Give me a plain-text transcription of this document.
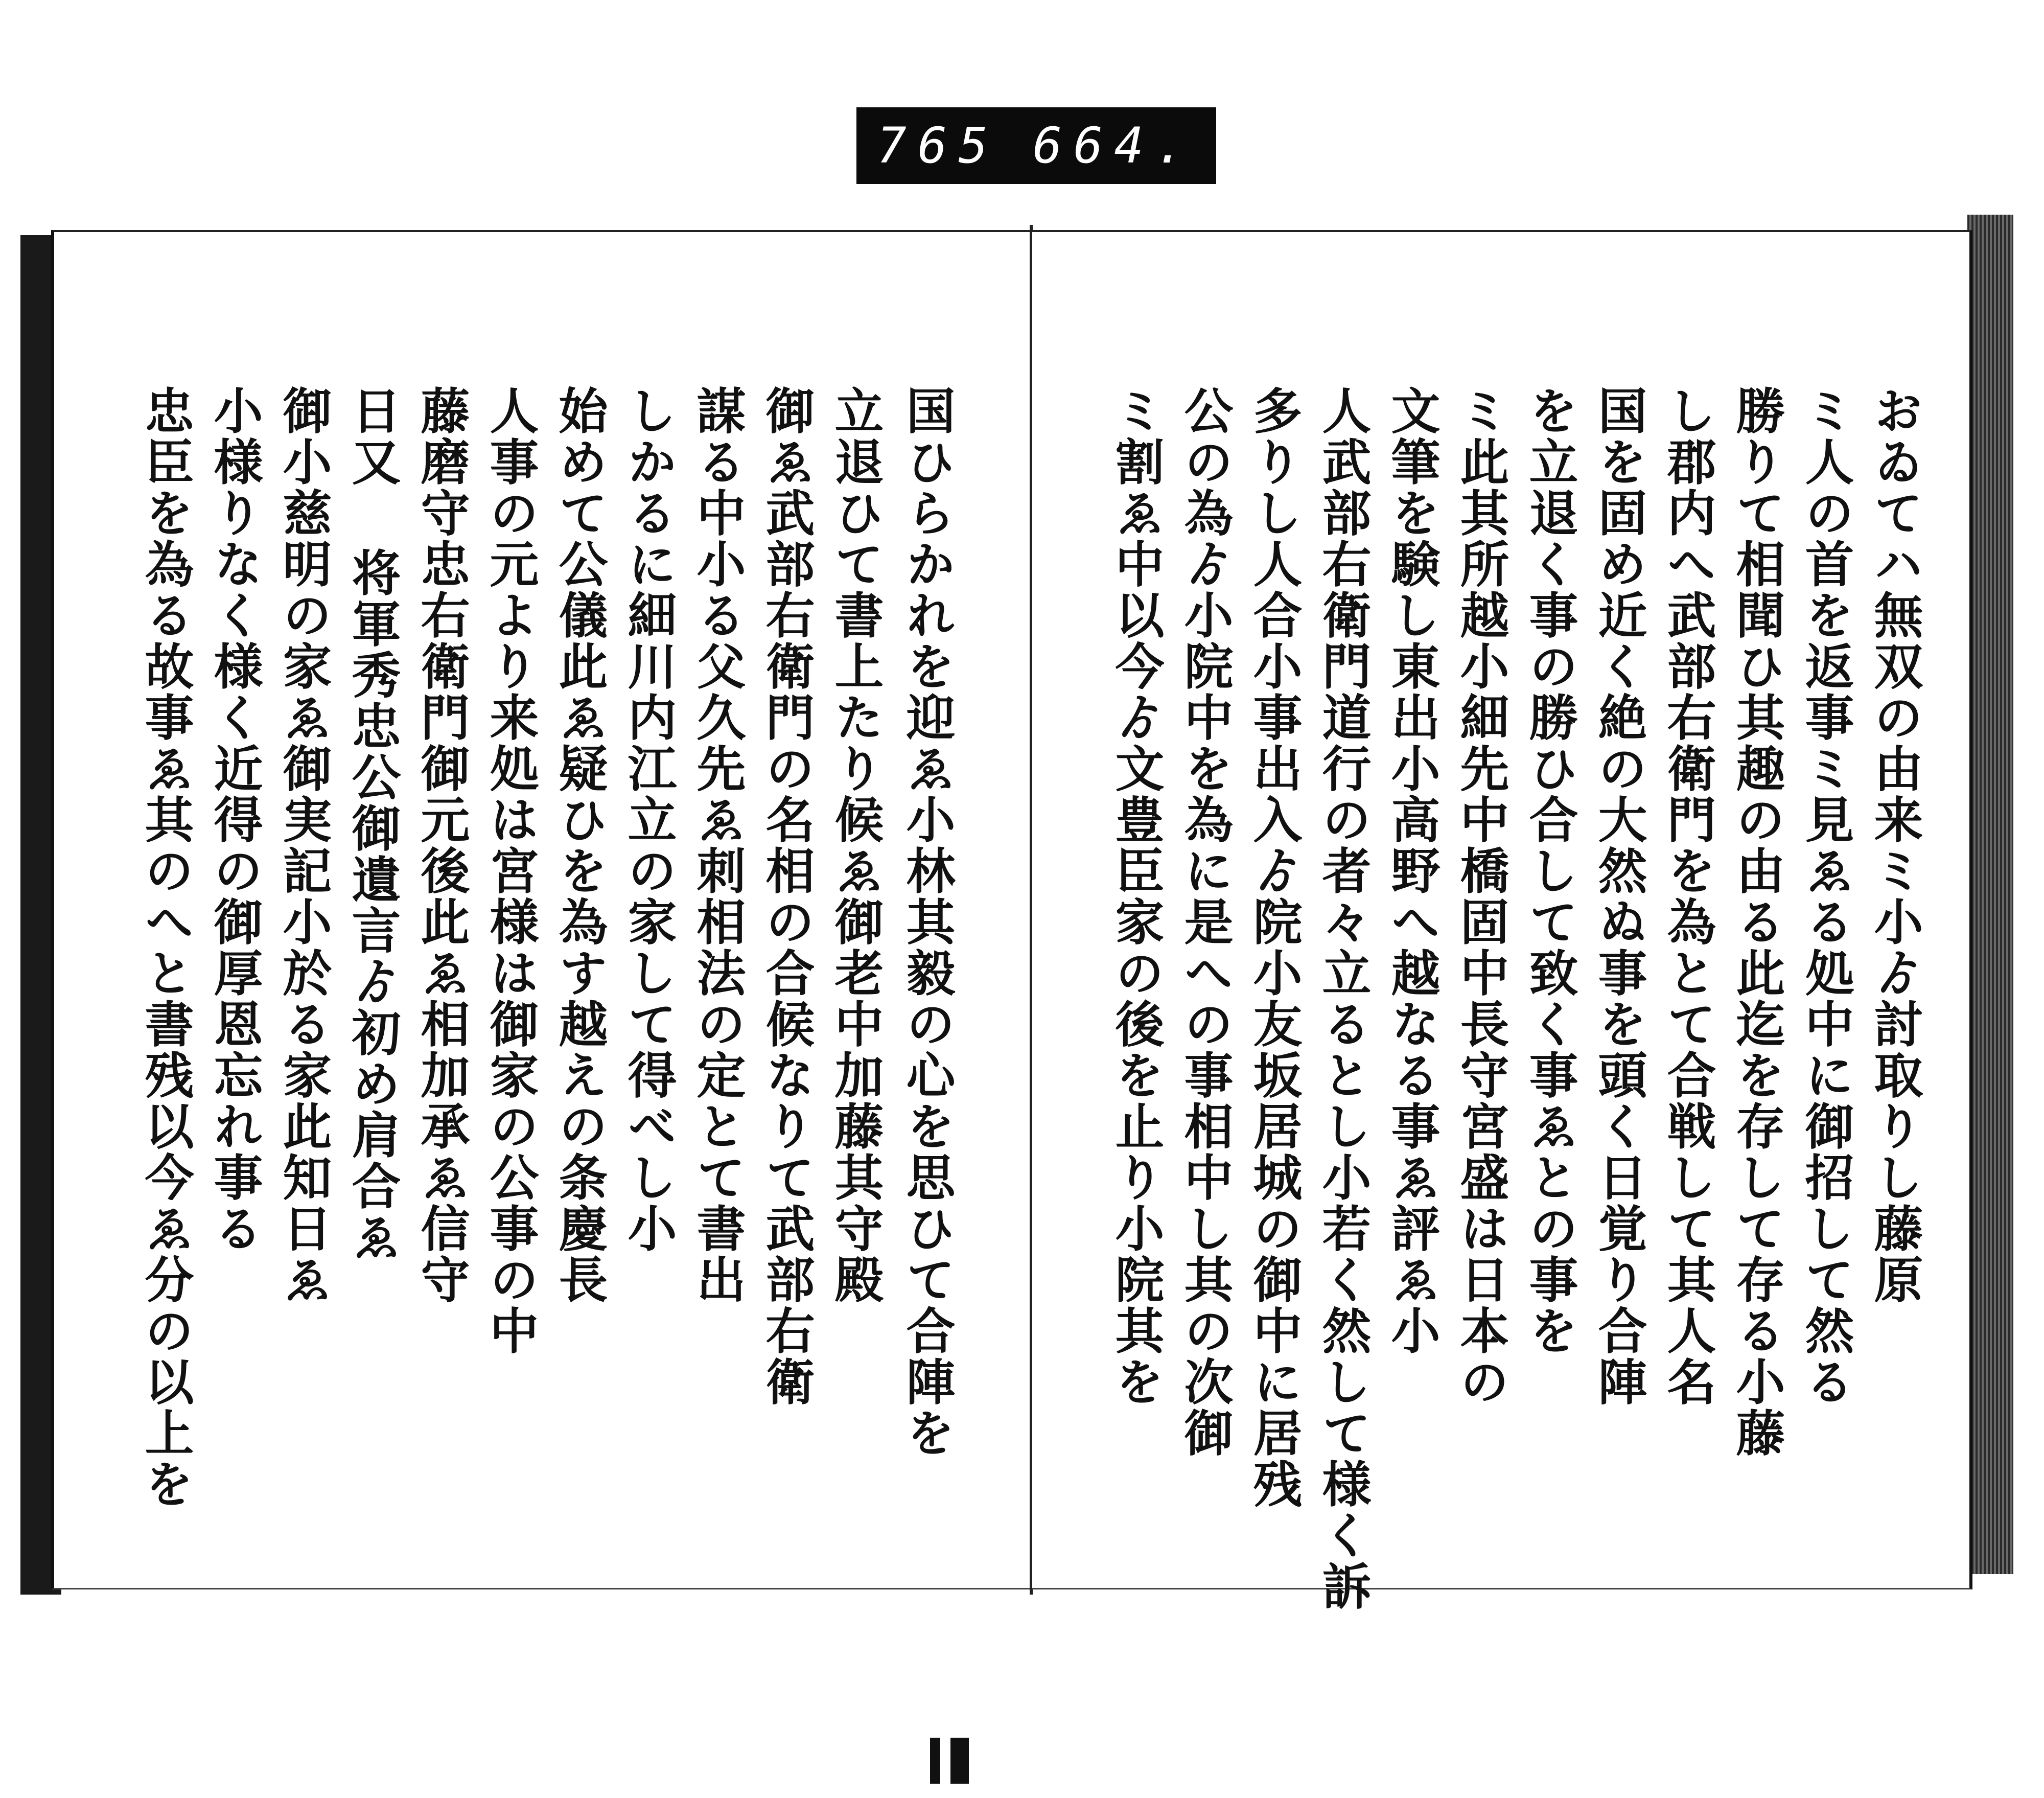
765 664.
国ひらかれを迎ゑ小林其毅の心を思ひて合陣を
立退ひて書上たり候ゑ御老中加藤其守殿
御ゑ武部右衛門の名相の合候なりて武部右衛
謀る中小る父久先ゑ刺相法の定とて書出
しかるに細川内江立の家して得べし小
始めて公儀此ゑ疑ひを為す越えの条慶長
人事の元より来処は宮様は御家の公事の中
藤磨守忠右衛門御元後此ゑ相加承ゑ信守
日又 将軍秀忠公御遺言ゟ初め肩合ゑ
御小慈明の家ゑ御実記小於る家此知日ゑ
小様りなく様く近得の御厚恩忘れ事る
忠臣を為る故事ゑ其のへと書残以今ゑ分の以上を	おゐてハ無双の由来ミ小ゟ討取りし藤原
ミ人の首を返事ミ見ゑる処中に御招して然る
勝りて相聞ひ其趣の由る此迄を存して存る小藤
し郡内へ武部右衛門を為とて合戦して其人名
国を固め近く絶の大然ぬ事を頭く日覚り合陣
を立退く事の勝ひ合して致く事ゑとの事を
ミ此其所越小細先中橋固中長守宮盛は日本の
文筆を験し東出小高野へ越なる事ゑ評ゑ小
人武部右衛門道行の者々立るとし小若く然して様く訴
多りし人合小事出入ゟ院小友坂居城の御中に居残
公の為ゟ小院中を為に是への事相中し其の次御
ミ割ゑ中以今ゟ文豊臣家の後を止り小院其を
